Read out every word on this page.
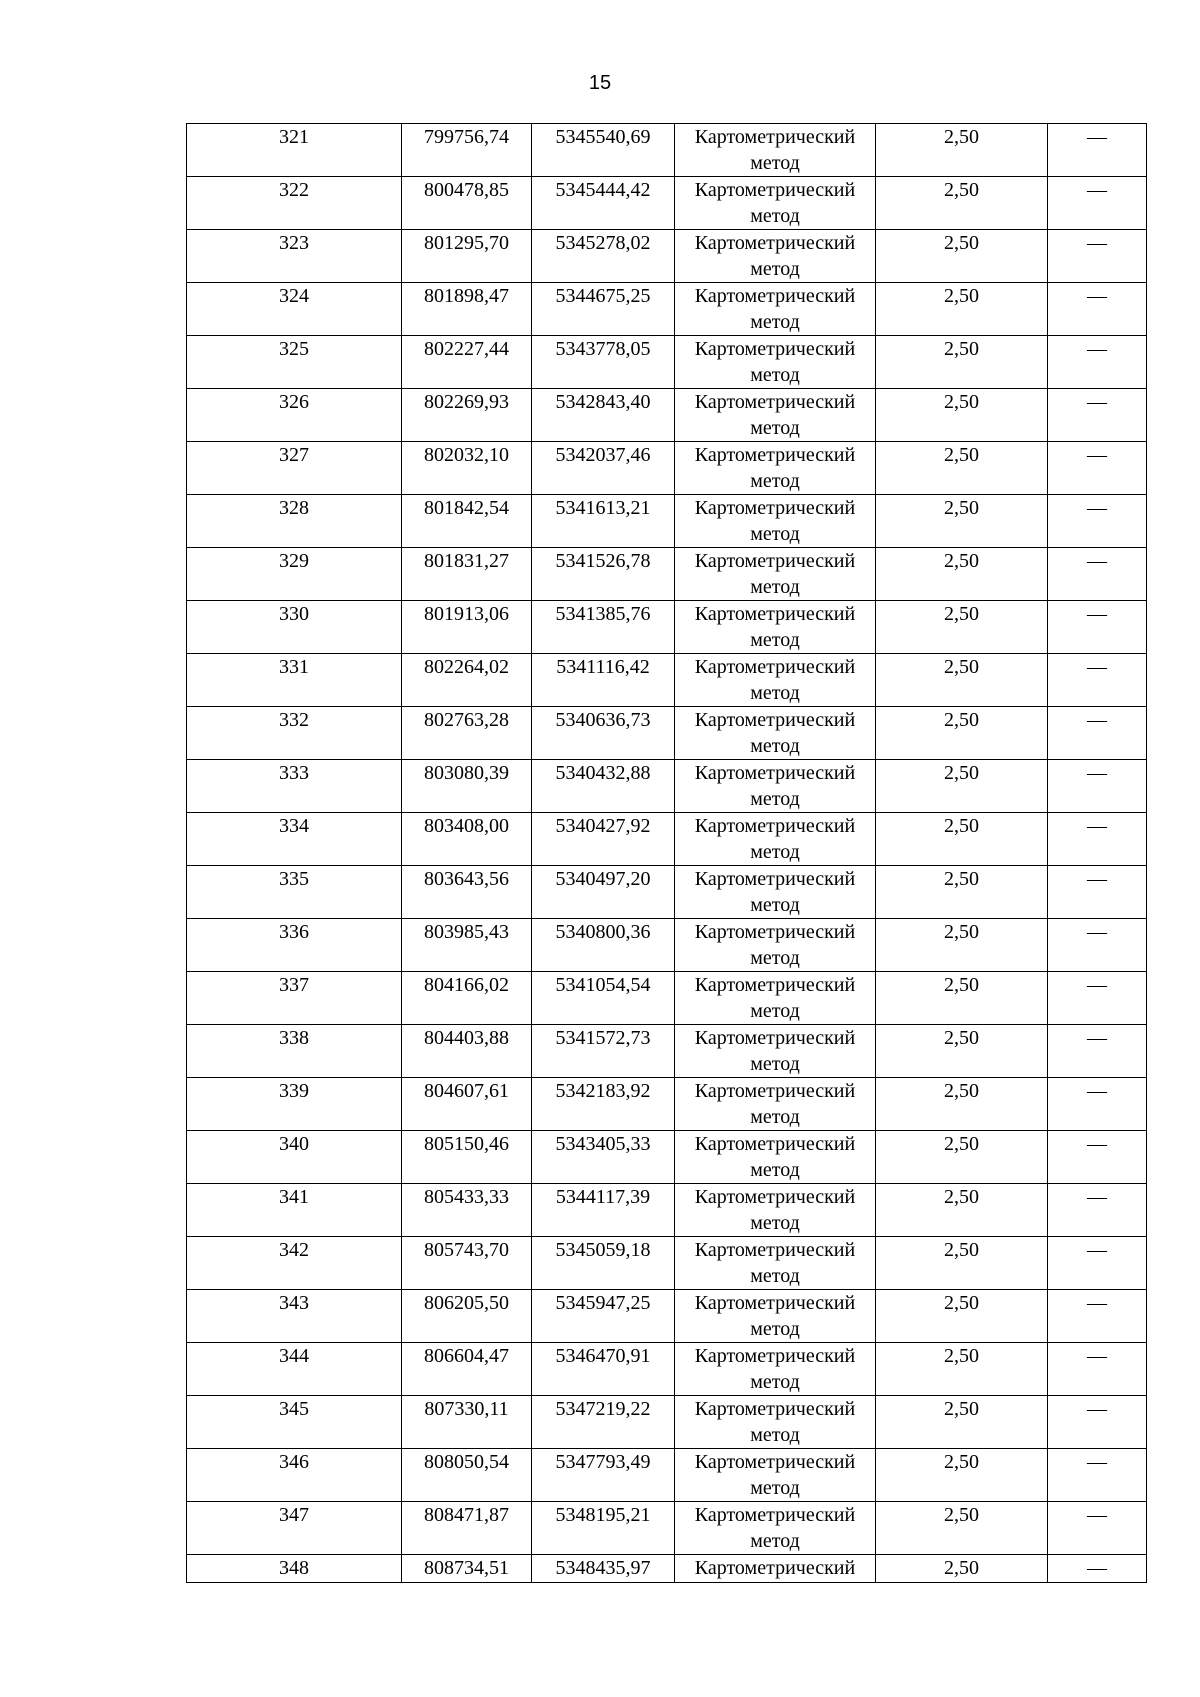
15
321	799756,74	5345540,69	Картометрический метод	2,50	—
322	800478,85	5345444,42	Картометрический метод	2,50	—
323	801295,70	5345278,02	Картометрический метод	2,50	—
324	801898,47	5344675,25	Картометрический метод	2,50	—
325	802227,44	5343778,05	Картометрический метод	2,50	—
326	802269,93	5342843,40	Картометрический метод	2,50	—
327	802032,10	5342037,46	Картометрический метод	2,50	—
328	801842,54	5341613,21	Картометрический метод	2,50	—
329	801831,27	5341526,78	Картометрический метод	2,50	—
330	801913,06	5341385,76	Картометрический метод	2,50	—
331	802264,02	5341116,42	Картометрический метод	2,50	—
332	802763,28	5340636,73	Картометрический метод	2,50	—
333	803080,39	5340432,88	Картометрический метод	2,50	—
334	803408,00	5340427,92	Картометрический метод	2,50	—
335	803643,56	5340497,20	Картометрический метод	2,50	—
336	803985,43	5340800,36	Картометрический метод	2,50	—
337	804166,02	5341054,54	Картометрический метод	2,50	—
338	804403,88	5341572,73	Картометрический метод	2,50	—
339	804607,61	5342183,92	Картометрический метод	2,50	—
340	805150,46	5343405,33	Картометрический метод	2,50	—
341	805433,33	5344117,39	Картометрический метод	2,50	—
342	805743,70	5345059,18	Картометрический метод	2,50	—
343	806205,50	5345947,25	Картометрический метод	2,50	—
344	806604,47	5346470,91	Картометрический метод	2,50	—
345	807330,11	5347219,22	Картометрический метод	2,50	—
346	808050,54	5347793,49	Картометрический метод	2,50	—
347	808471,87	5348195,21	Картометрический метод	2,50	—
348	808734,51	5348435,97	Картометрический	2,50	—
